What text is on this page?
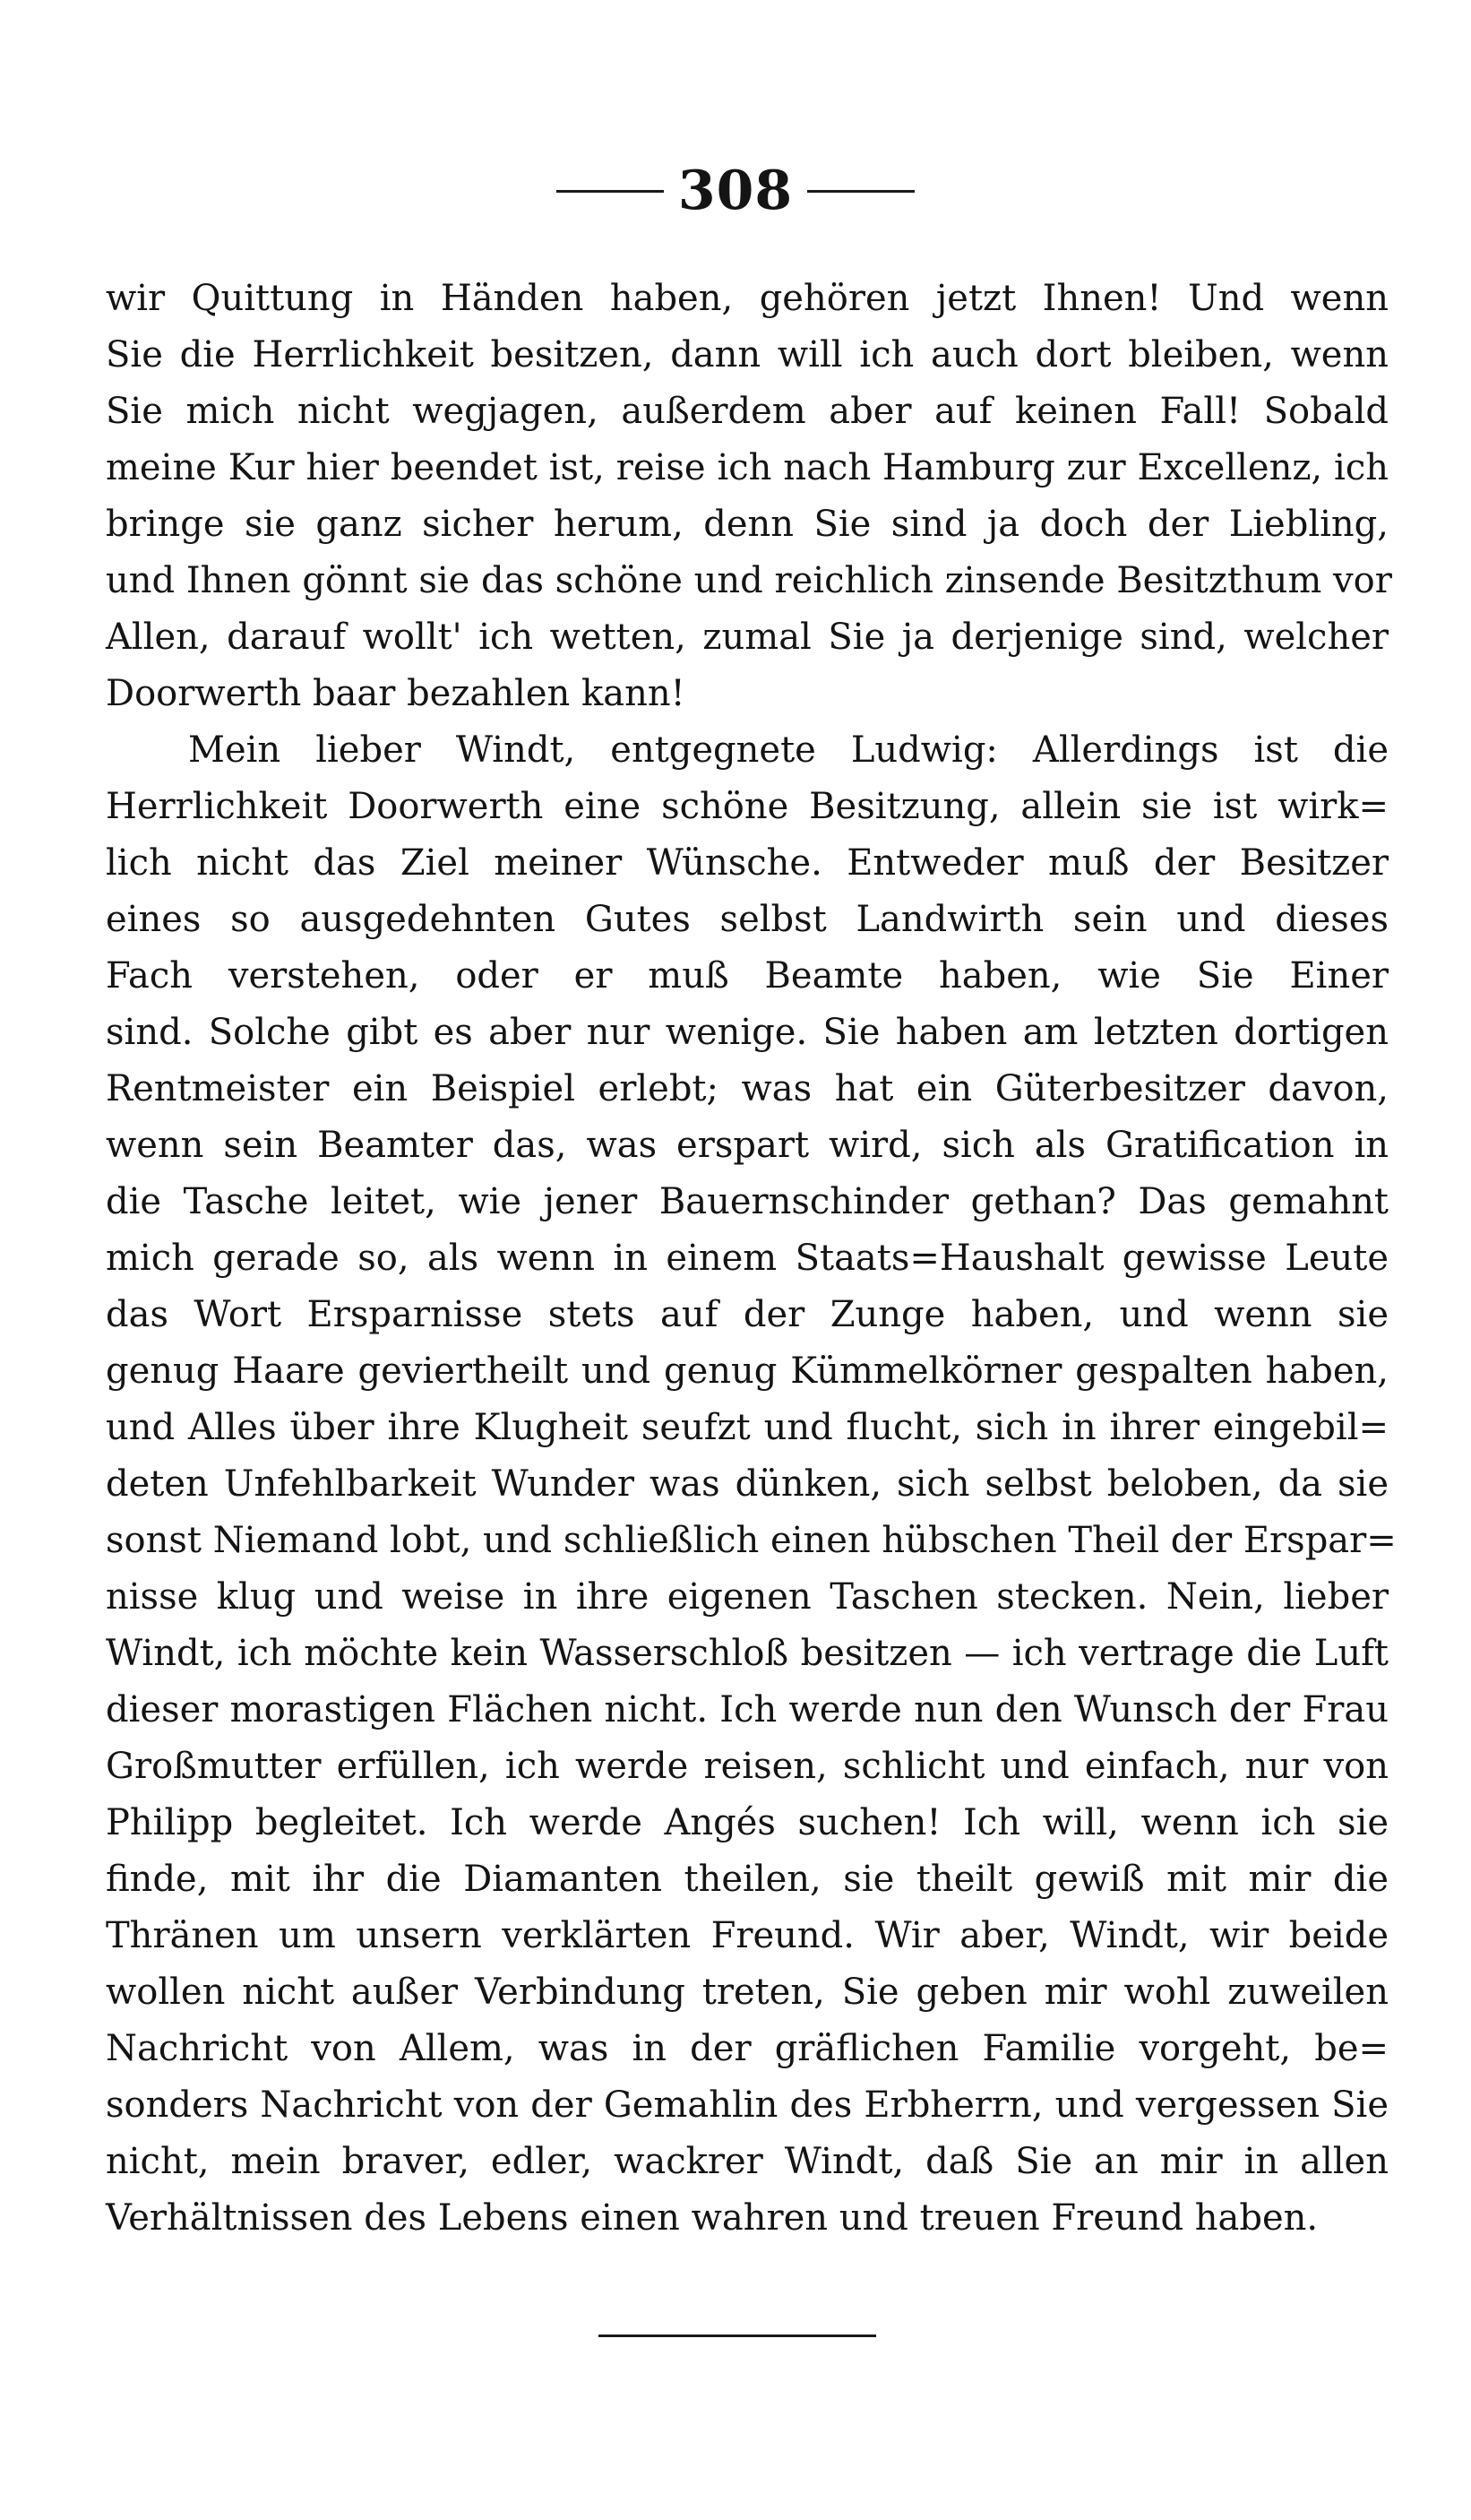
308
wir Quittung in Händen haben, gehören jetzt Ihnen! Und wenn
Sie die Herrlichkeit besitzen, dann will ich auch dort bleiben, wenn
Sie mich nicht wegjagen, außerdem aber auf keinen Fall! Sobald
meine Kur hier beendet ist, reise ich nach Hamburg zur Excellenz, ich
bringe sie ganz sicher herum, denn Sie sind ja doch der Liebling,
und Ihnen gönnt sie das schöne und reichlich zinsende Besitzthum vor
Allen, darauf wollt' ich wetten, zumal Sie ja derjenige sind, welcher
Doorwerth baar bezahlen kann!
Mein lieber Windt, entgegnete Ludwig: Allerdings ist die
Herrlichkeit Doorwerth eine schöne Besitzung, allein sie ist wirk=
lich nicht das Ziel meiner Wünsche. Entweder muß der Besitzer
eines so ausgedehnten Gutes selbst Landwirth sein und dieses
Fach verstehen, oder er muß Beamte haben, wie Sie Einer
sind. Solche gibt es aber nur wenige. Sie haben am letzten dortigen
Rentmeister ein Beispiel erlebt; was hat ein Güterbesitzer davon,
wenn sein Beamter das, was erspart wird, sich als Gratification in
die Tasche leitet, wie jener Bauernschinder gethan? Das gemahnt
mich gerade so, als wenn in einem Staats=Haushalt gewisse Leute
das Wort Ersparnisse stets auf der Zunge haben, und wenn sie
genug Haare geviertheilt und genug Kümmelkörner gespalten haben,
und Alles über ihre Klugheit seufzt und flucht, sich in ihrer eingebil=
deten Unfehlbarkeit Wunder was dünken, sich selbst beloben, da sie
sonst Niemand lobt, und schließlich einen hübschen Theil der Erspar=
nisse klug und weise in ihre eigenen Taschen stecken. Nein, lieber
Windt, ich möchte kein Wasserschloß besitzen — ich vertrage die Luft
dieser morastigen Flächen nicht. Ich werde nun den Wunsch der Frau
Großmutter erfüllen, ich werde reisen, schlicht und einfach, nur von
Philipp begleitet. Ich werde Angés suchen! Ich will, wenn ich sie
finde, mit ihr die Diamanten theilen, sie theilt gewiß mit mir die
Thränen um unsern verklärten Freund. Wir aber, Windt, wir beide
wollen nicht außer Verbindung treten, Sie geben mir wohl zuweilen
Nachricht von Allem, was in der gräflichen Familie vorgeht, be=
sonders Nachricht von der Gemahlin des Erbherrn, und vergessen Sie
nicht, mein braver, edler, wackrer Windt, daß Sie an mir in allen
Verhältnissen des Lebens einen wahren und treuen Freund haben.
